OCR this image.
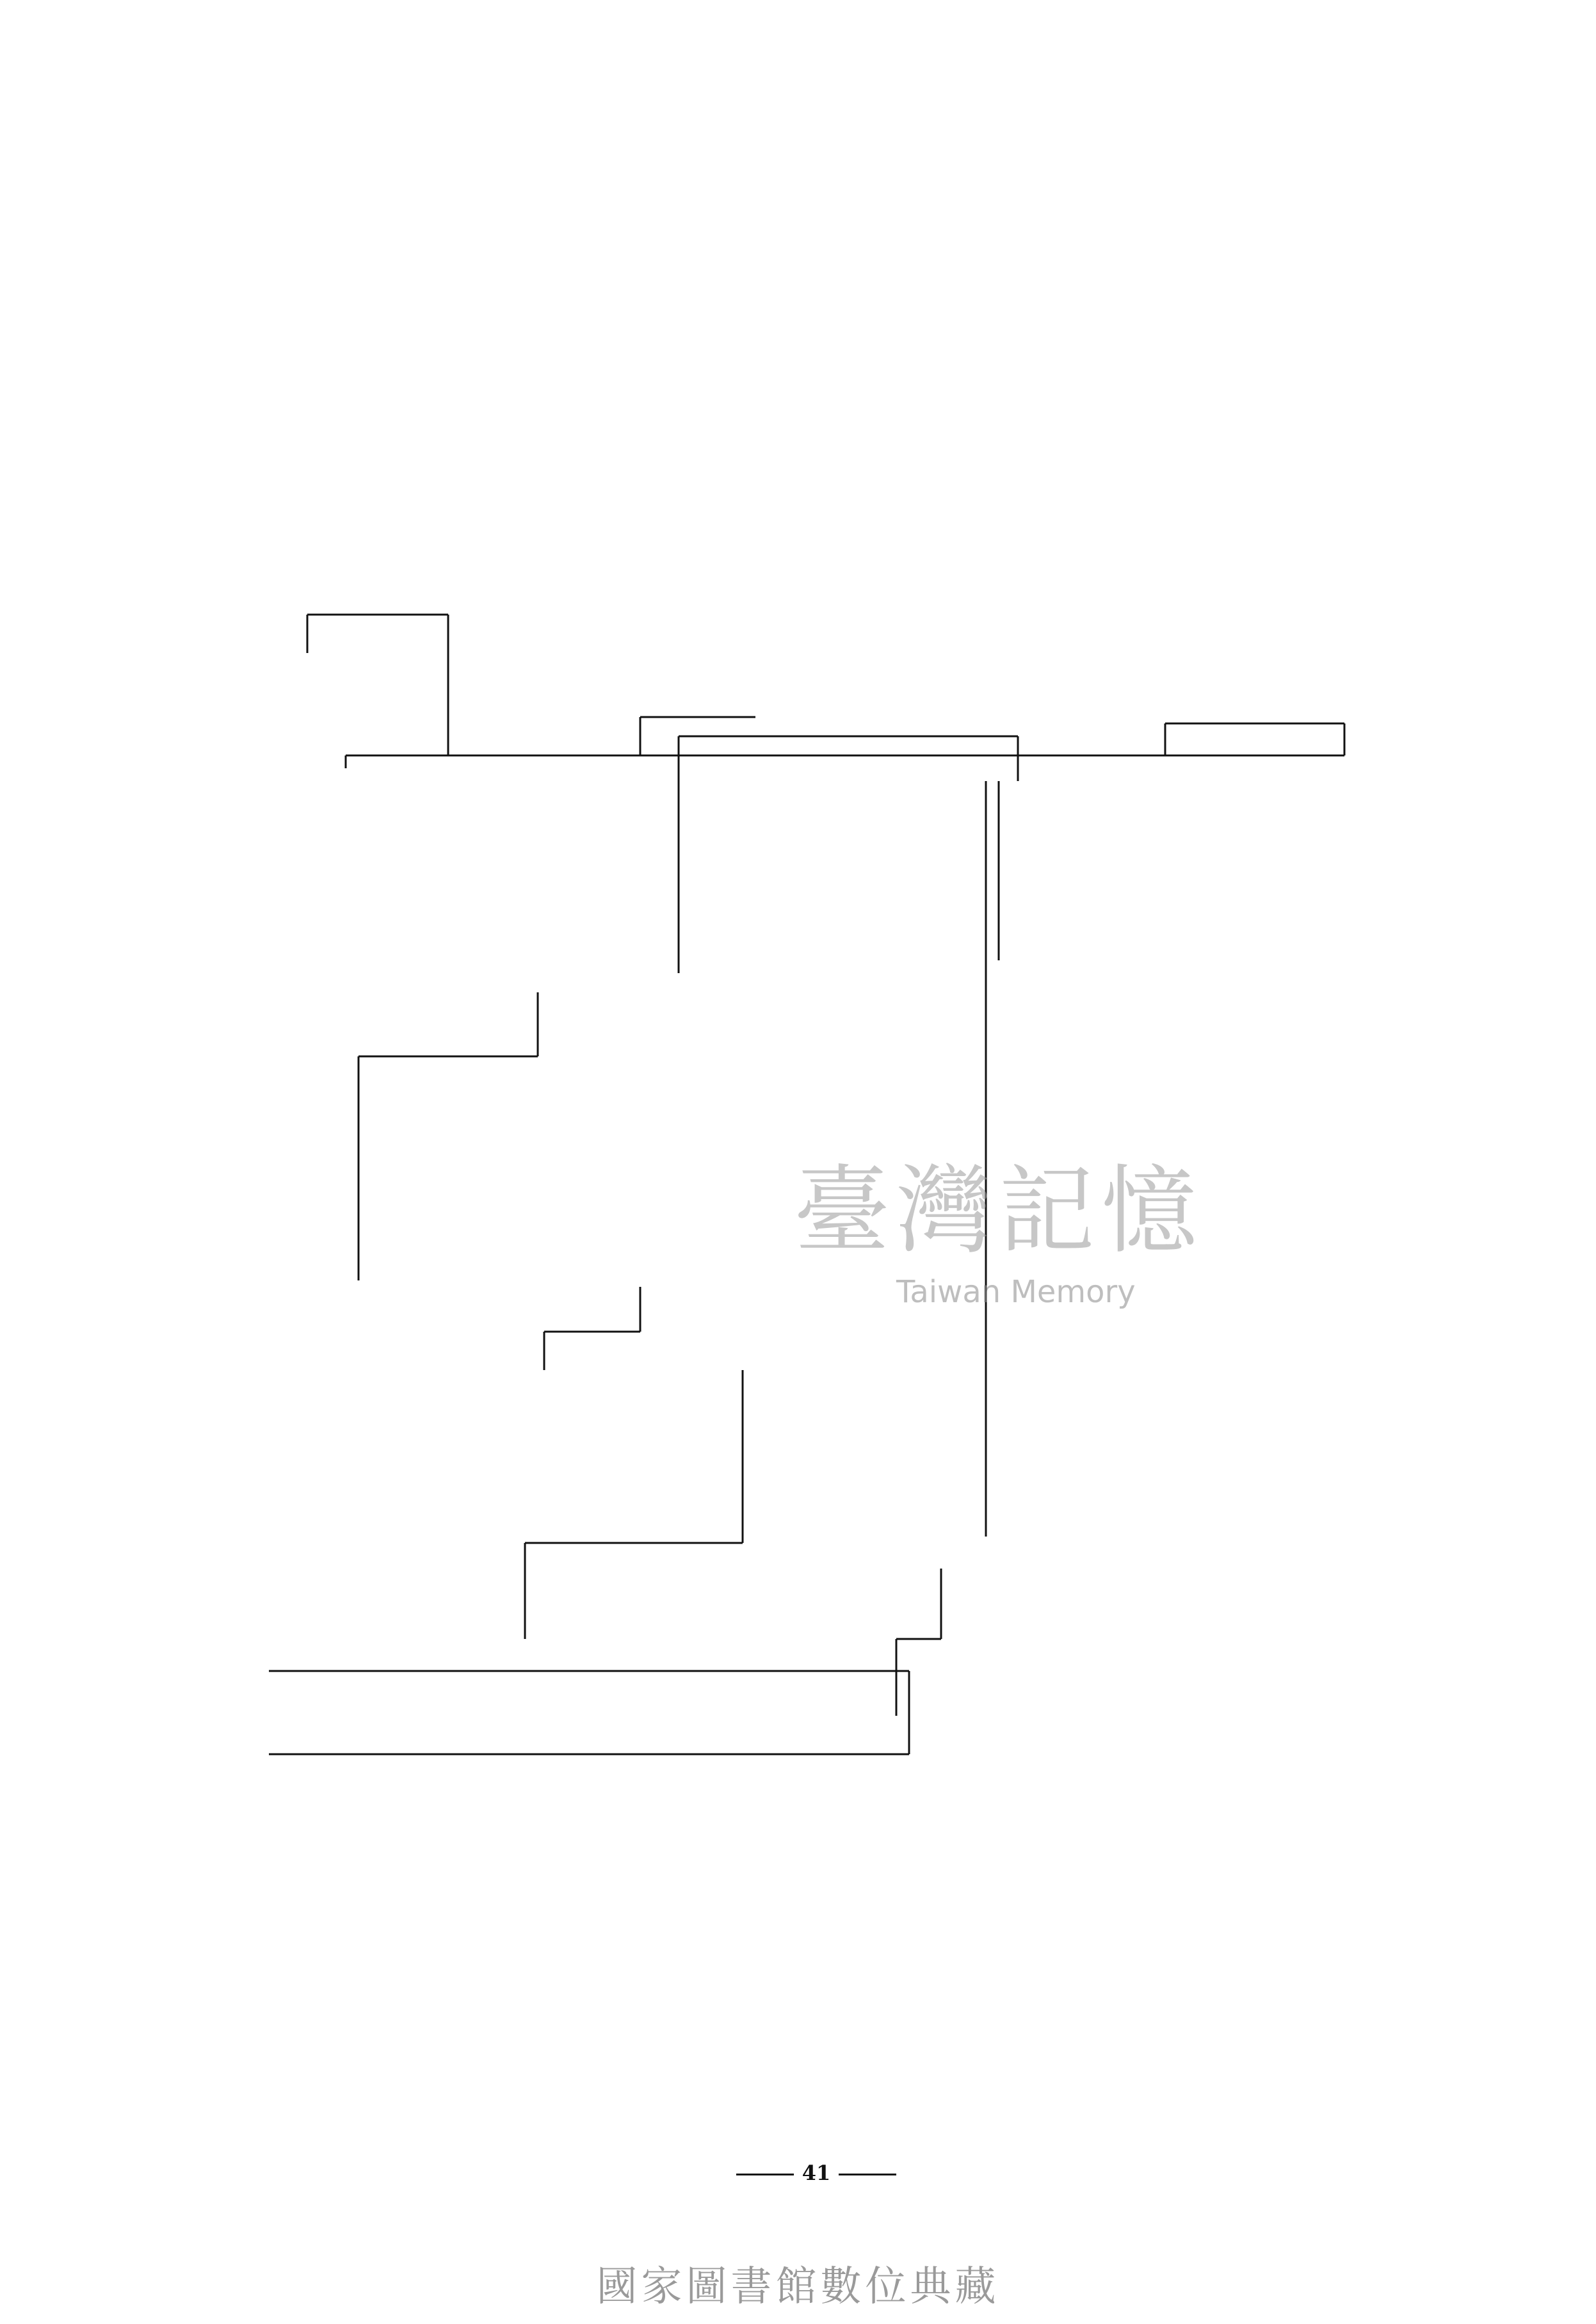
臺灣記憶
Taiwan Memory
41
國家圖書館數位典藏
